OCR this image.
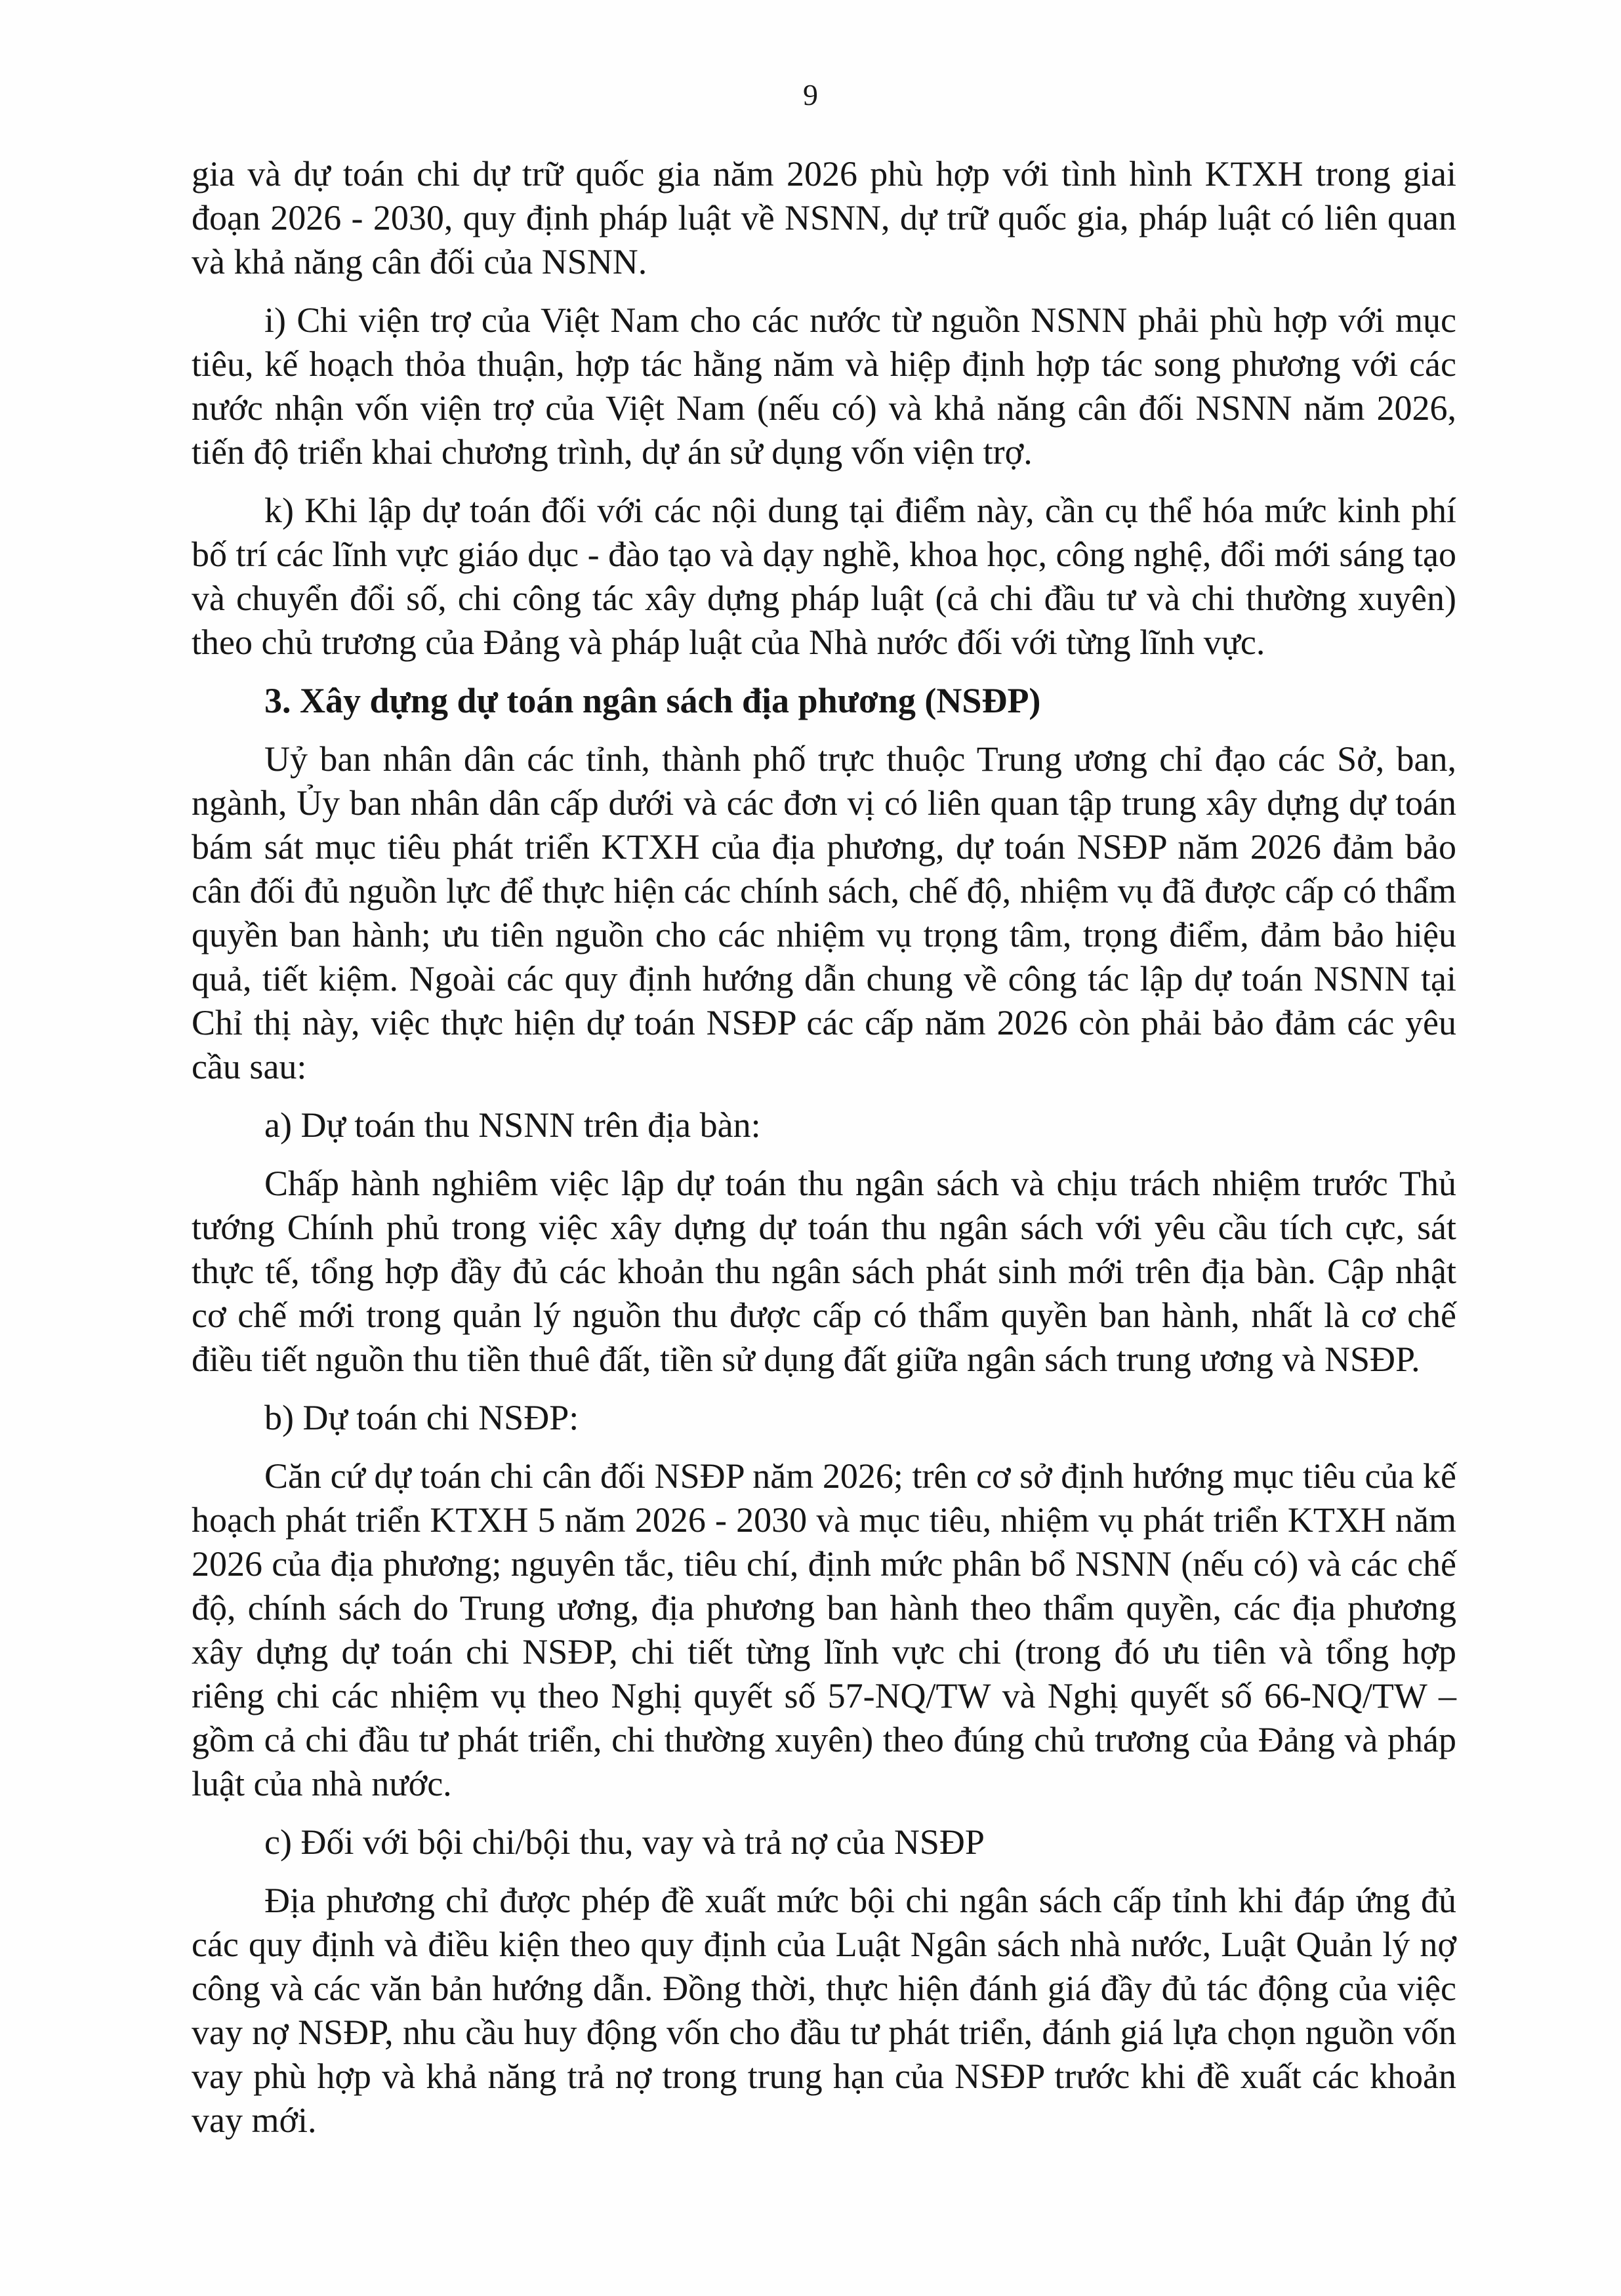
9

gia và dự toán chi dự trữ quốc gia năm 2026 phù hợp với tình hình KTXH trong giai đoạn 2026 - 2030, quy định pháp luật về NSNN, dự trữ quốc gia, pháp luật có liên quan và khả năng cân đối của NSNN.

i) Chi viện trợ của Việt Nam cho các nước từ nguồn NSNN phải phù hợp với mục tiêu, kế hoạch thỏa thuận, hợp tác hằng năm và hiệp định hợp tác song phương với các nước nhận vốn viện trợ của Việt Nam (nếu có) và khả năng cân đối NSNN năm 2026, tiến độ triển khai chương trình, dự án sử dụng vốn viện trợ.

k) Khi lập dự toán đối với các nội dung tại điểm này, cần cụ thể hóa mức kinh phí bố trí các lĩnh vực giáo dục - đào tạo và dạy nghề, khoa học, công nghệ, đổi mới sáng tạo và chuyển đổi số, chi công tác xây dựng pháp luật (cả chi đầu tư và chi thường xuyên) theo chủ trương của Đảng và pháp luật của Nhà nước đối với từng lĩnh vực.

3. Xây dựng dự toán ngân sách địa phương (NSĐP)

Uỷ ban nhân dân các tỉnh, thành phố trực thuộc Trung ương chỉ đạo các Sở, ban, ngành, Ủy ban nhân dân cấp dưới và các đơn vị có liên quan tập trung xây dựng dự toán bám sát mục tiêu phát triển KTXH của địa phương, dự toán NSĐP năm 2026 đảm bảo cân đối đủ nguồn lực để thực hiện các chính sách, chế độ, nhiệm vụ đã được cấp có thẩm quyền ban hành; ưu tiên nguồn cho các nhiệm vụ trọng tâm, trọng điểm, đảm bảo hiệu quả, tiết kiệm. Ngoài các quy định hướng dẫn chung về công tác lập dự toán NSNN tại Chỉ thị này, việc thực hiện dự toán NSĐP các cấp năm 2026 còn phải bảo đảm các yêu cầu sau:

a) Dự toán thu NSNN trên địa bàn:

Chấp hành nghiêm việc lập dự toán thu ngân sách và chịu trách nhiệm trước Thủ tướng Chính phủ trong việc xây dựng dự toán thu ngân sách với yêu cầu tích cực, sát thực tế, tổng hợp đầy đủ các khoản thu ngân sách phát sinh mới trên địa bàn. Cập nhật cơ chế mới trong quản lý nguồn thu được cấp có thẩm quyền ban hành, nhất là cơ chế điều tiết nguồn thu tiền thuê đất, tiền sử dụng đất giữa ngân sách trung ương và NSĐP.

b) Dự toán chi NSĐP:

Căn cứ dự toán chi cân đối NSĐP năm 2026; trên cơ sở định hướng mục tiêu của kế hoạch phát triển KTXH 5 năm 2026 - 2030 và mục tiêu, nhiệm vụ phát triển KTXH năm 2026 của địa phương; nguyên tắc, tiêu chí, định mức phân bổ NSNN (nếu có) và các chế độ, chính sách do Trung ương, địa phương ban hành theo thẩm quyền, các địa phương xây dựng dự toán chi NSĐP, chi tiết từng lĩnh vực chi (trong đó ưu tiên và tổng hợp riêng chi các nhiệm vụ theo Nghị quyết số 57-NQ/TW và Nghị quyết số 66-NQ/TW – gồm cả chi đầu tư phát triển, chi thường xuyên) theo đúng chủ trương của Đảng và pháp luật của nhà nước.

c) Đối với bội chi/bội thu, vay và trả nợ của NSĐP

Địa phương chỉ được phép đề xuất mức bội chi ngân sách cấp tỉnh khi đáp ứng đủ các quy định và điều kiện theo quy định của Luật Ngân sách nhà nước, Luật Quản lý nợ công và các văn bản hướng dẫn. Đồng thời, thực hiện đánh giá đầy đủ tác động của việc vay nợ NSĐP, nhu cầu huy động vốn cho đầu tư phát triển, đánh giá lựa chọn nguồn vốn vay phù hợp và khả năng trả nợ trong trung hạn của NSĐP trước khi đề xuất các khoản vay mới.
